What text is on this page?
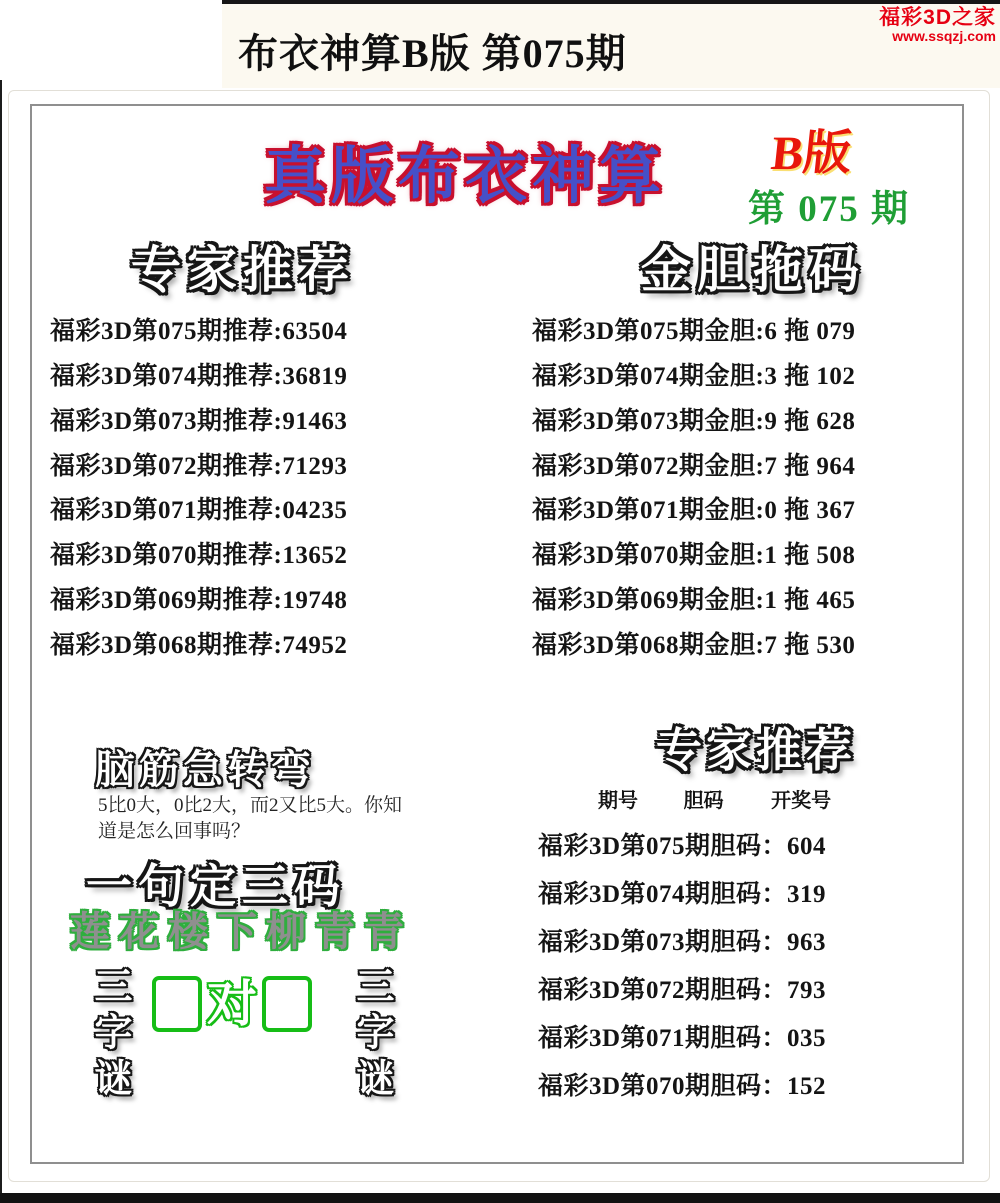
福彩3D之家
www.ssqzj.com
布衣神算B版 第075期
真版布衣神算 B版
第 075 期
专家推荐	金胆拖码
福彩3D第075期推荐:63504
福彩3D第074期推荐:36819
福彩3D第073期推荐:91463
福彩3D第072期推荐:71293
福彩3D第071期推荐:04235
福彩3D第070期推荐:13652
福彩3D第069期推荐:19748
福彩3D第068期推荐:74952
福彩3D第075期金胆:6 拖 079
福彩3D第074期金胆:3 拖 102
福彩3D第073期金胆:9 拖 628
福彩3D第072期金胆:7 拖 964
福彩3D第071期金胆:0 拖 367
福彩3D第070期金胆:1 拖 508
福彩3D第069期金胆:1 拖 465
福彩3D第068期金胆:7 拖 530
脑筋急转弯
5比0大，0比2大，而2又比5大。你知道是怎么回事吗？
一句定三码
莲花楼下柳青青
三字谜 对 三字谜
专家推荐
期号 胆码 开奖号
福彩3D第075期胆码：604
福彩3D第074期胆码：319
福彩3D第073期胆码：963
福彩3D第072期胆码：793
福彩3D第071期胆码：035
福彩3D第070期胆码：152
